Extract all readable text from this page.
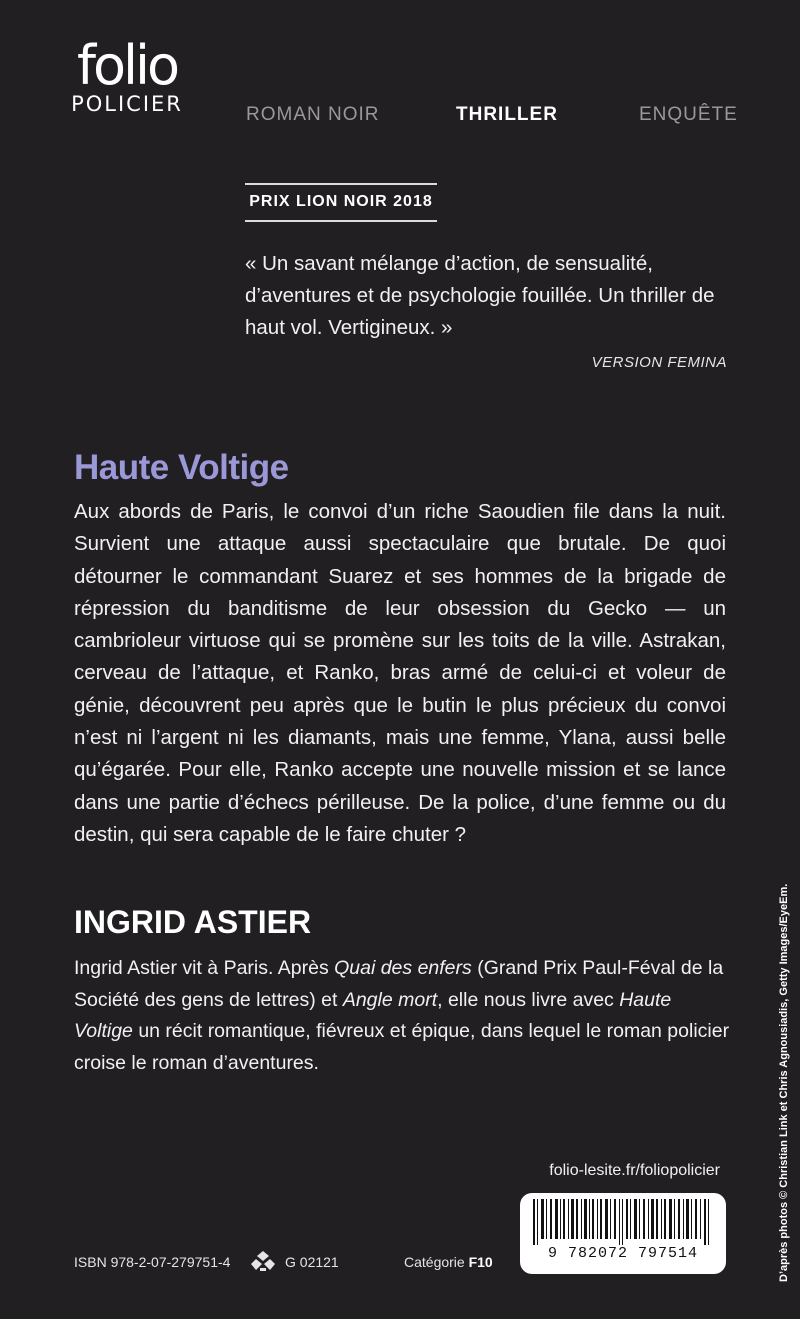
folio
POLICIER	ROMAN NOIR	THRILLER	ENQUÊTE
PRIX LION NOIR 2018
« Un savant mélange d’action, de sensualité, d’aventures et de psychologie fouillée. Un thriller de haut vol. Vertigineux. »
VERSION FEMINA
Haute Voltige
Aux abords de Paris, le convoi d’un riche Saoudien file dans la nuit. Survient une attaque aussi spectaculaire que brutale. De quoi détourner le commandant Suarez et ses hommes de la brigade de répression du banditisme de leur obsession du Gecko — un cambrioleur virtuose qui se promène sur les toits de la ville. Astrakan, cerveau de l’attaque, et Ranko, bras armé de celui-ci et voleur de génie, découvrent peu après que le butin le plus précieux du convoi n’est ni l’argent ni les diamants, mais une femme, Ylana, aussi belle qu’égarée. Pour elle, Ranko accepte une nouvelle mission et se lance dans une partie d’échecs périlleuse. De la police, d’une femme ou du destin, qui sera capable de le faire chuter ?
INGRID ASTIER
Ingrid Astier vit à Paris. Après Quai des enfers (Grand Prix Paul-Féval de la Société des gens de lettres) et Angle mort, elle nous livre avec Haute Voltige un récit romantique, fiévreux et épique, dans lequel le roman policier croise le roman d’aventures.
folio-lesite.fr/foliopolicier
9 782072 797514
ISBN 978-2-07-279751-4	G 02121	Catégorie F10	D’après photos © Christian Link et Chris Agnousiadis, Getty Images/EyeEm.
